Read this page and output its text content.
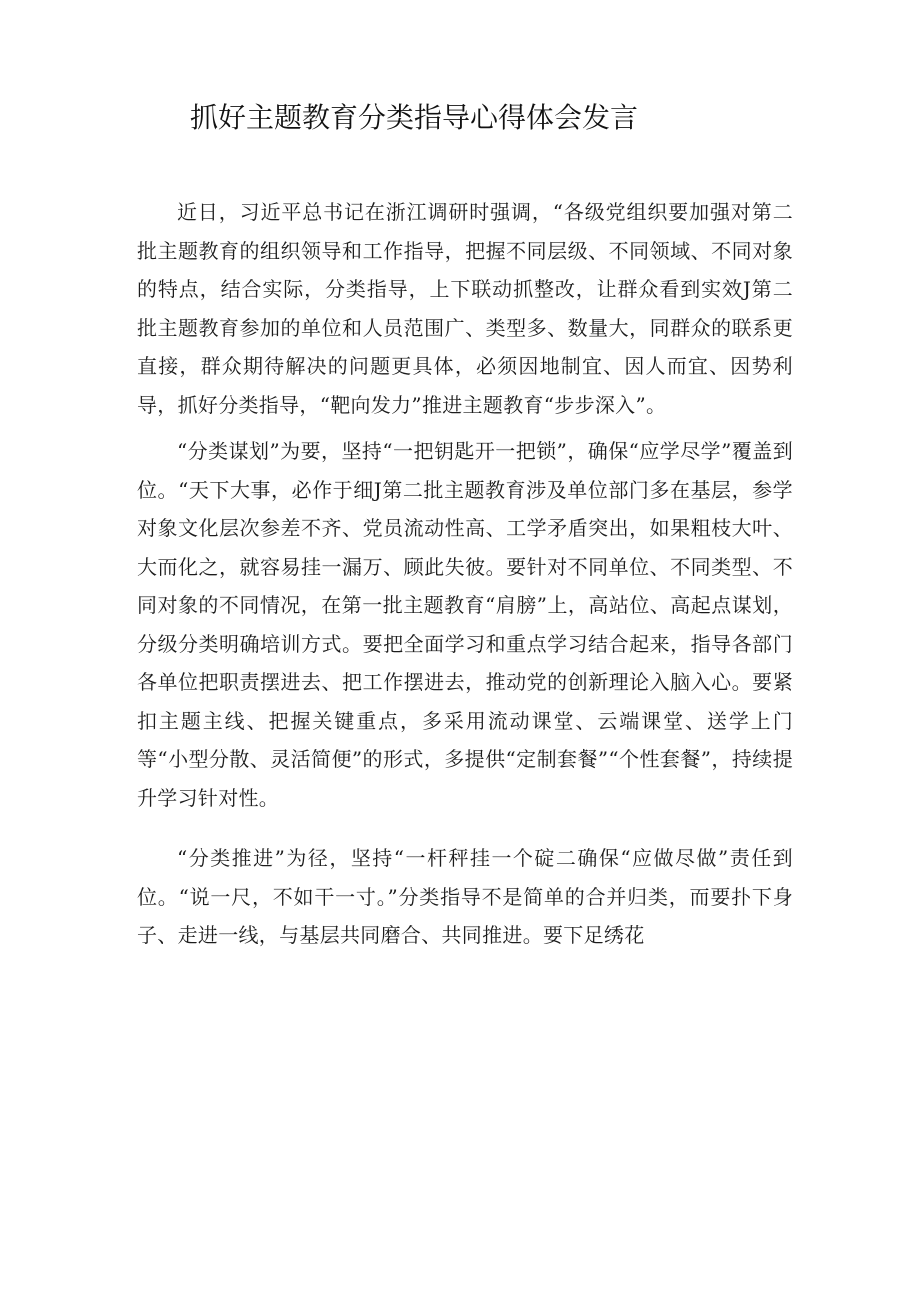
抓好主题教育分类指导心得体会发言

近日，习近平总书记在浙江调研时强调，“各级党组织要加强对第二批主题教育的组织领导和工作指导，把握不同层级、不同领域、不同对象的特点，结合实际，分类指导，上下联动抓整改，让群众看到实效J第二批主题教育参加的单位和人员范围广、类型多、数量大，同群众的联系更直接，群众期待解决的问题更具体，必须因地制宜、因人而宜、因势利导，抓好分类指导，“靶向发力”推进主题教育“步步深入”。

“分类谋划”为要，坚持“一把钥匙开一把锁”，确保“应学尽学”覆盖到位。“天下大事，必作于细J第二批主题教育涉及单位部门多在基层，参学对象文化层次参差不齐、党员流动性高、工学矛盾突出，如果粗枝大叶、大而化之，就容易挂一漏万、顾此失彼。要针对不同单位、不同类型、不同对象的不同情况，在第一批主题教育“肩膀”上，高站位、高起点谋划，分级分类明确培训方式。要把全面学习和重点学习结合起来，指导各部门各单位把职责摆进去、把工作摆进去，推动党的创新理论入脑入心。要紧扣主题主线、把握关键重点，多采用流动课堂、云端课堂、送学上门等“小型分散、灵活简便”的形式，多提供“定制套餐”“个性套餐”，持续提升学习针对性。

“分类推进”为径，坚持“一杆秤挂一个碇二确保“应做尽做”责任到位。“说一尺，不如干一寸。”分类指导不是简单的合并归类，而要扑下身子、走进一线，与基层共同磨合、共同推进。要下足绣花
